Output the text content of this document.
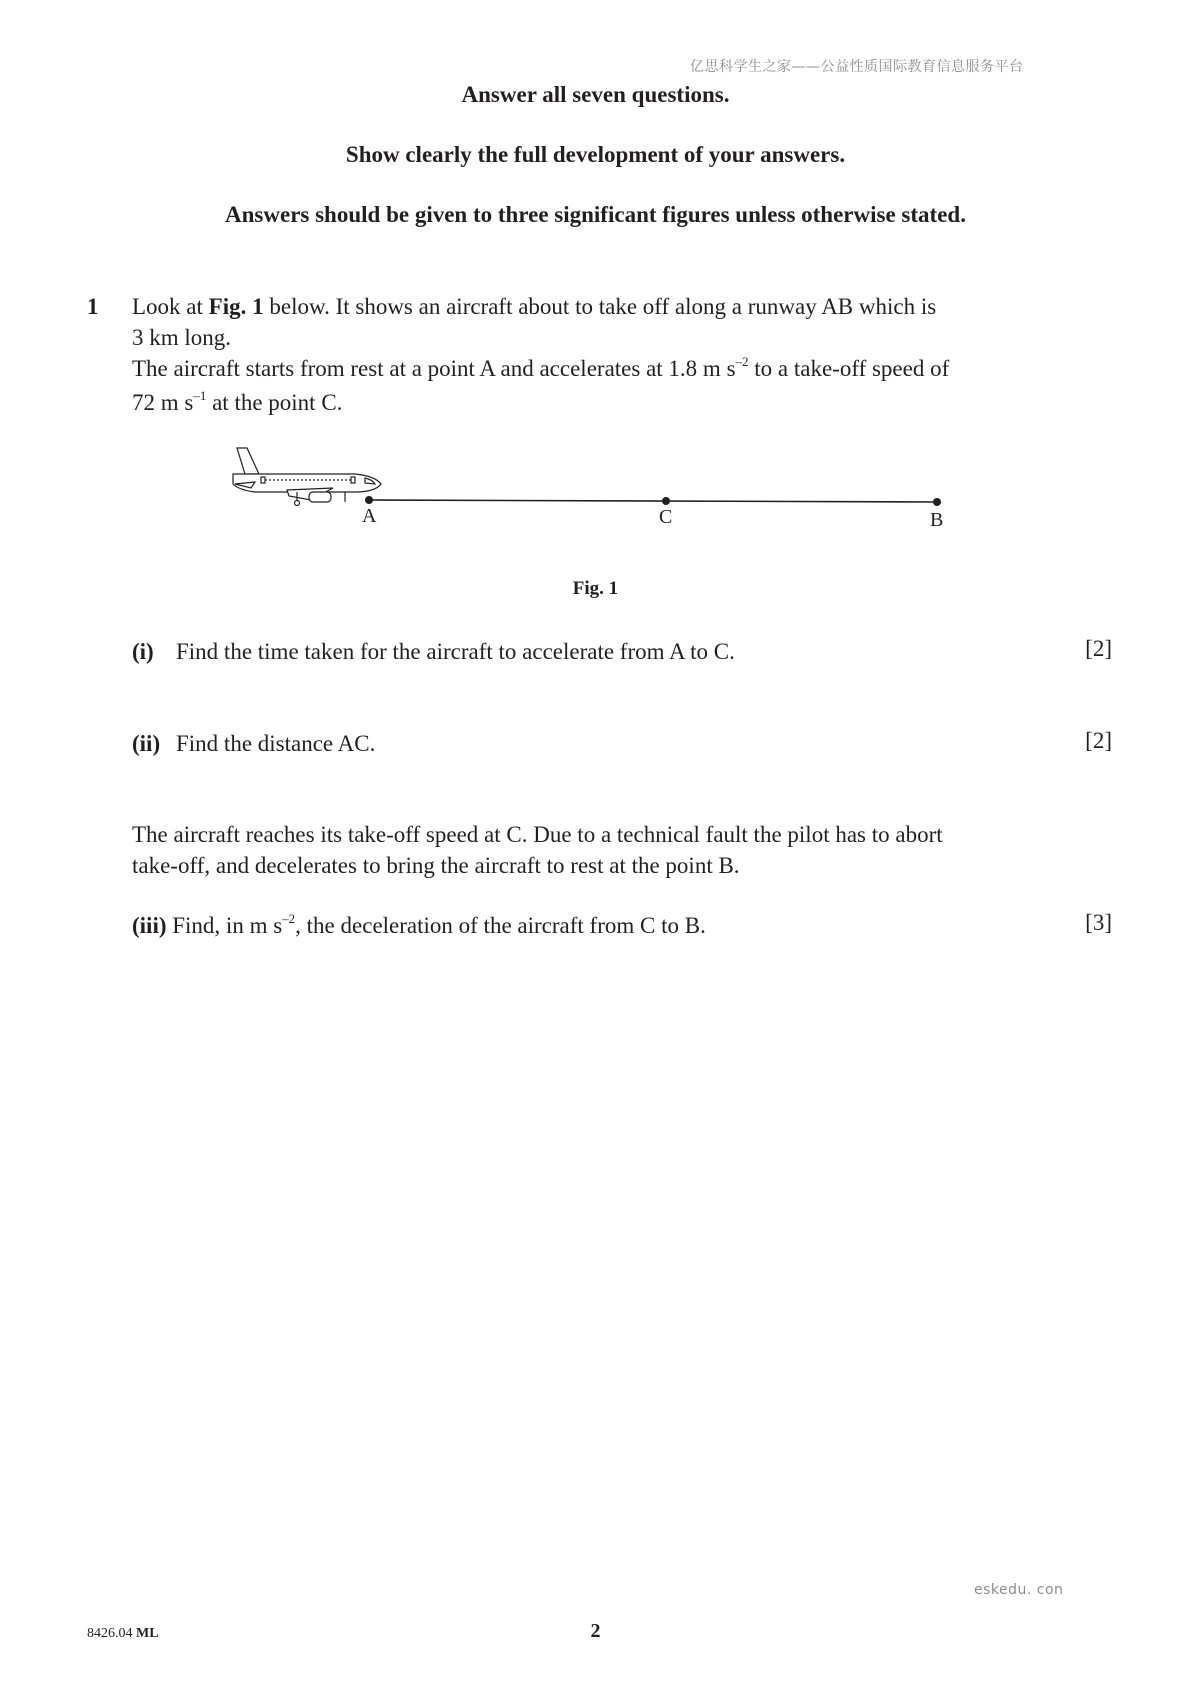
亿思科学生之家——公益性质国际教育信息服务平台
Answer all seven questions.
Show clearly the full development of your answers.
Answers should be given to three significant figures unless otherwise stated.
1 Look at Fig. 1 below. It shows an aircraft about to take off along a runway AB which is
3 km long.
The aircraft starts from rest at a point A and accelerates at 1.8 m $s^{-2}$ to a take-off speed of
72 m $s^{-1}$ at the point C.
A	C	B
Fig. 1
(i) Find the time taken for the aircraft to accelerate from A to C.	[2]
(ii) Find the distance AC.	[2]
The aircraft reaches its take-off speed at C. Due to a technical fault the pilot has to abort
take-off, and decelerates to bring the aircraft to rest at the point B.
(iii) Find, in m $s^{-2}$, the deceleration of the aircraft from C to B.	[3]
eskedu. con
8426.04 ML	2
